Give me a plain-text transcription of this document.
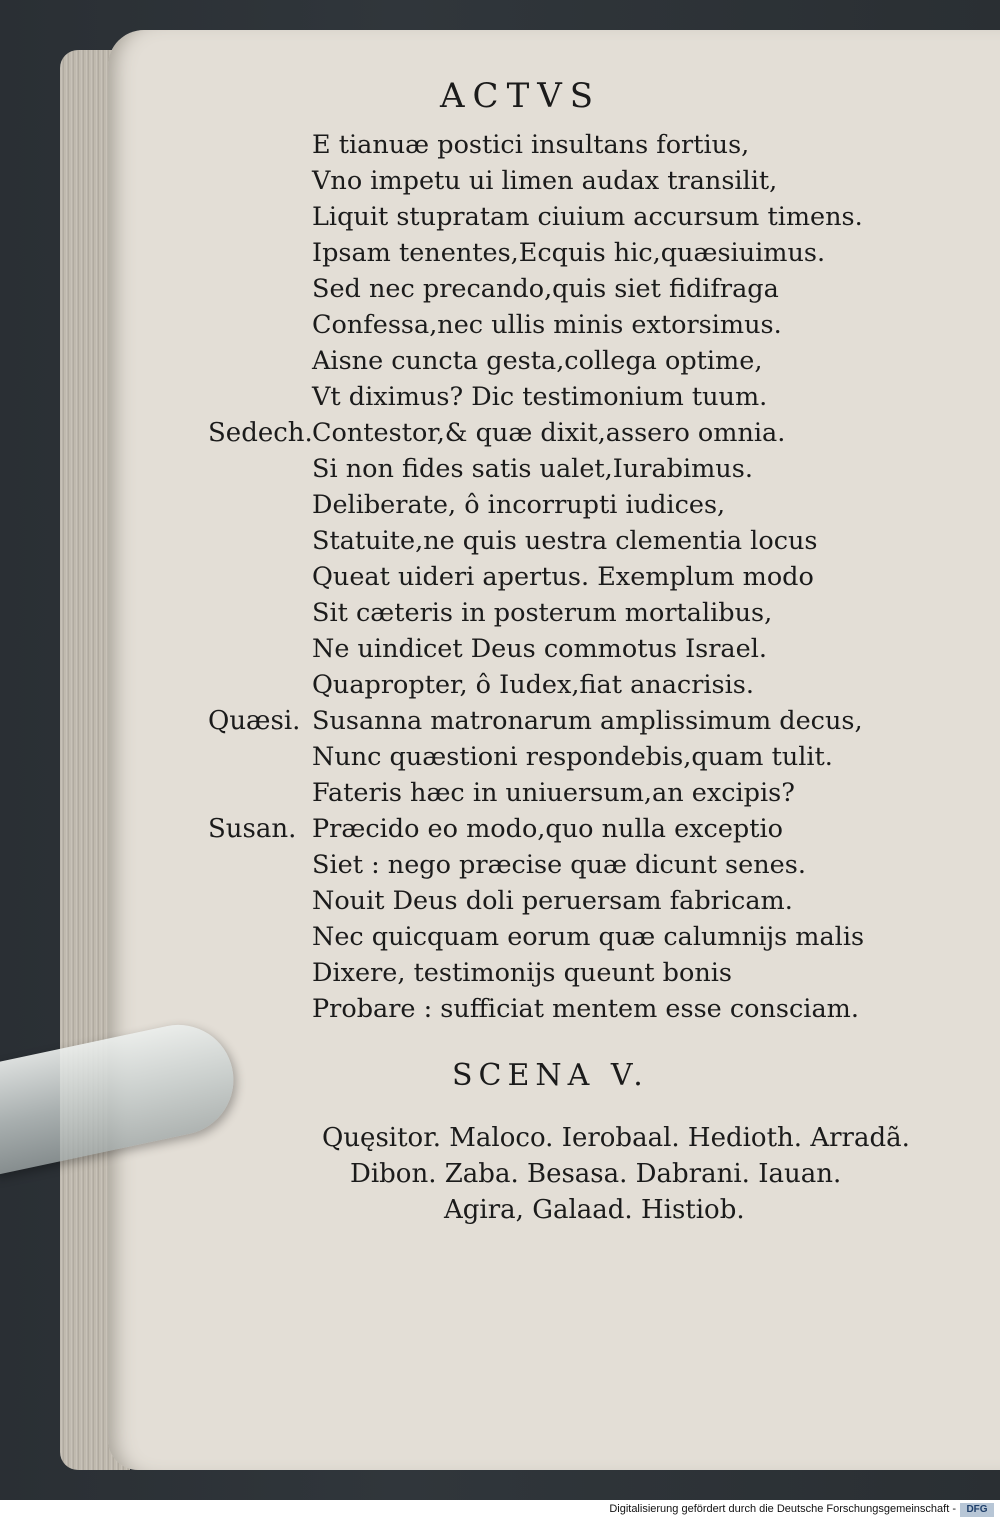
ACTVS
E tianuæ postici insultans fortius,
Vno impetu ui limen audax transilit,
Liquit stupratam ciuium accursum timens.
Ipsam tenentes,Ecquis hic,quæsiuimus.
Sed nec precando,quis siet fidifraga
Confessa,nec ullis minis extorsimus.
Aisne cuncta gesta,collega optime,
Vt diximus? Dic testimonium tuum.
Sedech. Contestor,& quæ dixit,assero omnia.
Si non fides satis ualet,Iurabimus.
Deliberate, ô incorrupti iudices,
Statuite,ne quis uestra clementia locus
Queat uideri apertus. Exemplum modo
Sit cæteris in posterum mortalibus,
Ne uindicet Deus commotus Israel.
Quapropter, ô Iudex,fiat anacrisis.
Quæsi. Susanna matronarum amplissimum decus,
Nunc quæstioni respondebis,quam tulit.
Fateris hæc in uniuersum,an excipis?
Susan. Præcido eo modo,quo nulla exceptio
Siet : nego præcise quæ dicunt senes.
Nouit Deus doli peruersam fabricam.
Nec quicquam eorum quæ calumnijs malis
Dixere, testimonijs queunt bonis
Probare : sufficiat mentem esse consciam.
SCENA V.
Quęsitor. Maloco. Ierobaal. Hedioth. Arradã.
Dibon. Zaba. Besasa. Dabrani. Iauan.
Agira, Galaad. Histiob.
Digitalisierung gefördert durch die Deutsche Forschungsgemeinschaft -	DFG
